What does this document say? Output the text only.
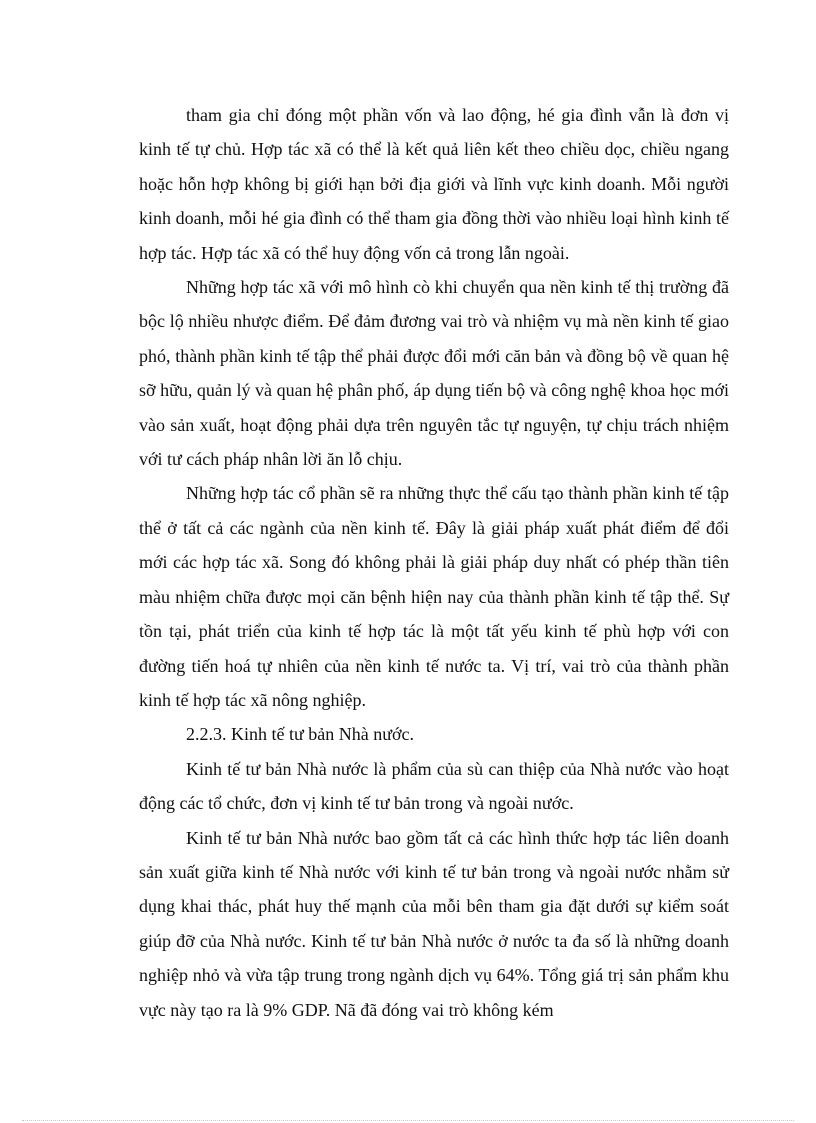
tham gia chỉ đóng một phần vốn và lao động, hé gia đình vẫn là đơn vị kinh tế tự chủ. Hợp tác xã có thể là kết quả liên kết theo chiều dọc, chiều ngang hoặc hỗn hợp không bị giới hạn bởi địa giới và lĩnh vực kinh doanh. Mỗi người kinh doanh, mỗi hé gia đình có thể tham gia đồng thời vào nhiều loại hình kinh tế hợp tác. Hợp tác xã có thể huy động vốn cả trong lẫn ngoài.

Những hợp tác xã với mô hình cò khi chuyển qua nền kinh tế thị trường đã bộc lộ nhiều nhược điểm. Để đảm đương vai trò và nhiệm vụ mà nền kinh tế giao phó, thành phần kinh tế tập thể phải được đổi mới căn bản và đồng bộ về quan hệ sỡ hữu, quản lý và quan hệ phân phố, áp dụng tiến bộ và công nghệ khoa học mới vào sản xuất, hoạt động phải dựa trên nguyên tắc tự nguyện, tự chịu trách nhiệm với tư cách pháp nhân lời ăn lỗ chịu.

Những hợp tác cổ phần sẽ ra những thực thể cấu tạo thành phần kinh tế tập thể ở tất cả các ngành của nền kinh tế. Đây là giải pháp xuất phát điểm để đổi mới các hợp tác xã. Song đó không phải là giải pháp duy nhất có phép thần tiên màu nhiệm chữa được mọi căn bệnh hiện nay của thành phần kinh tế tập thể. Sự tồn tại, phát triển của kinh tế hợp tác là một tất yếu kinh tế phù hợp với con đường tiến hoá tự nhiên của nền kinh tế nước ta. Vị trí, vai trò của thành phần kinh tế hợp tác xã nông nghiệp.

2.2.3. Kinh tế tư bản Nhà nước.

Kinh tế tư bản Nhà nước là phẩm của sù can thiệp của Nhà nước vào hoạt động các tổ chức, đơn vị kinh tế tư bản trong và ngoài nước.

Kinh tế tư bản Nhà nước bao gồm tất cả các hình thức hợp tác liên doanh sản xuất giữa kinh tế Nhà nước với kinh tế tư bản trong và ngoài nước nhằm sử dụng khai thác, phát huy thế mạnh của mỗi bên tham gia đặt dưới sự kiểm soát giúp đỡ của Nhà nước. Kinh tế tư bản Nhà nước ở nước ta đa số là những doanh nghiệp nhỏ và vừa tập trung trong ngành dịch vụ 64%. Tổng giá trị sản phẩm khu vực này tạo ra là 9% GDP. Nã đã đóng vai trò không kém
